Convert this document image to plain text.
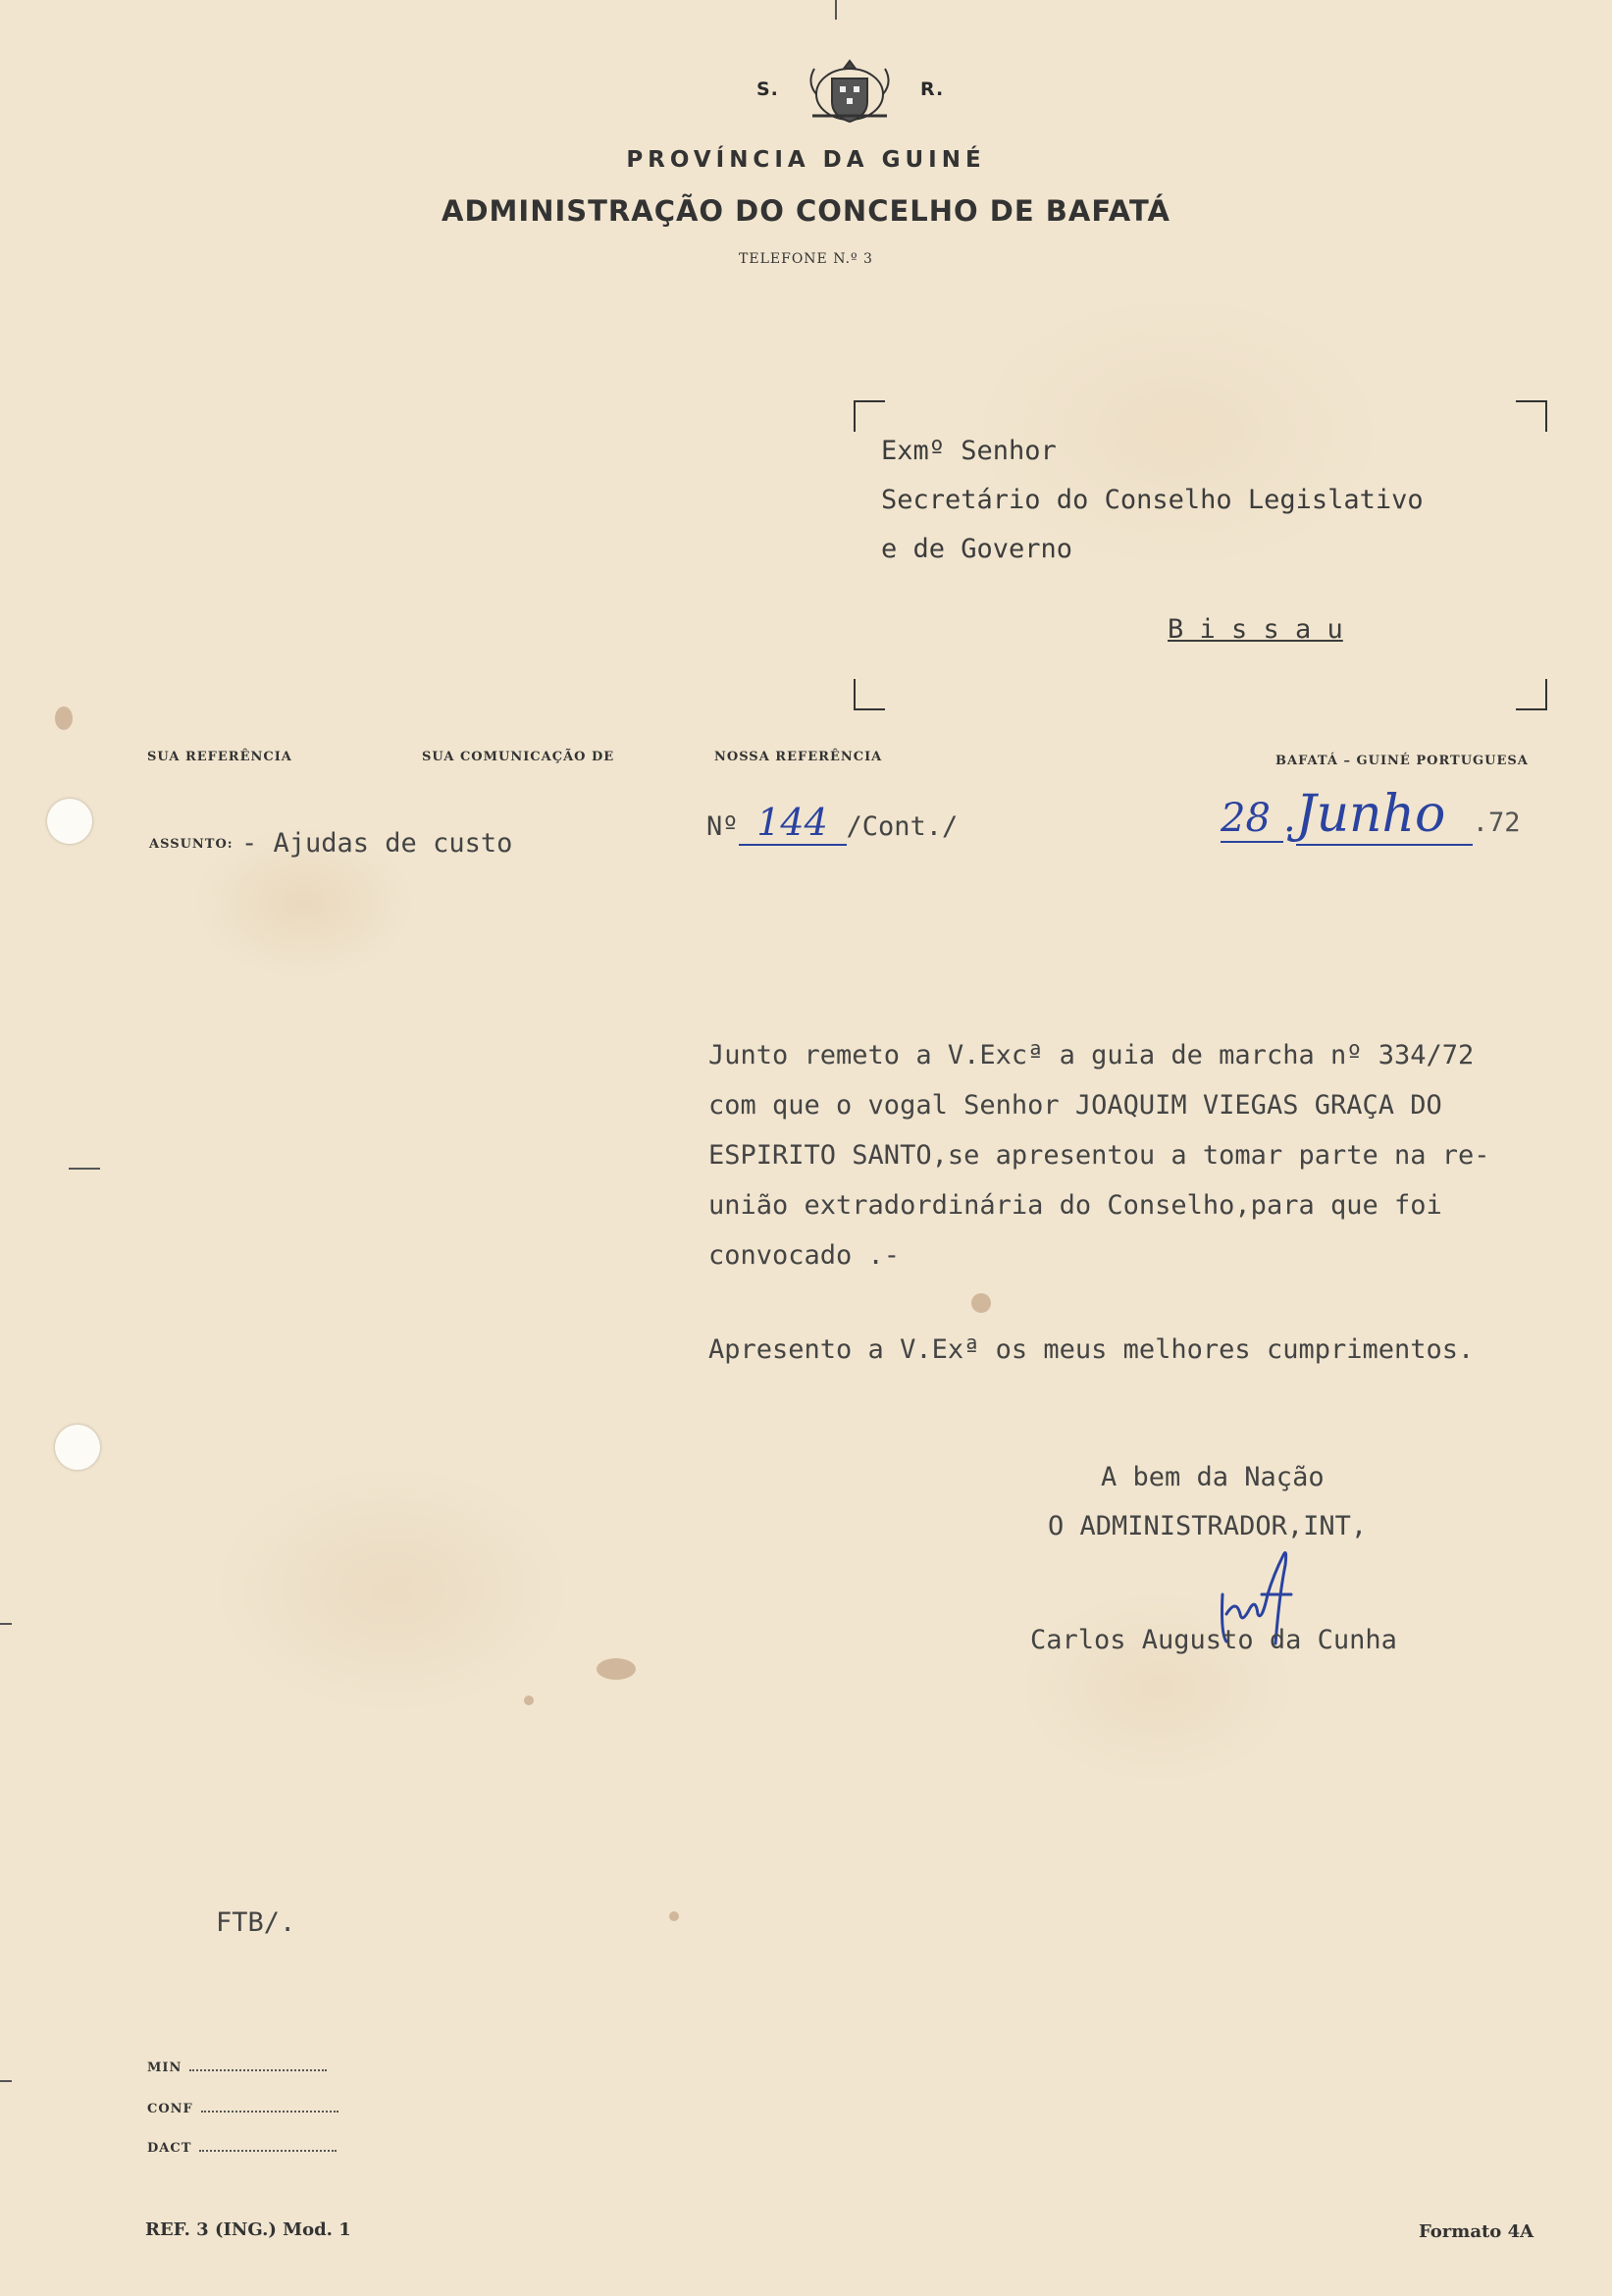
S.	R.
PROVÍNCIA DA GUINÉ
ADMINISTRAÇÃO DO CONCELHO DE BAFATÁ
TELEFONE N.º 3
Exmº Senhor
Secretário do Conselho Legislativo
e de Governo
B i s s a u
SUA REFERÊNCIA	SUA COMUNICAÇÃO DE	NOSSA REFERÊNCIA	BAFATÁ – GUINÉ PORTUGUESA
ASSUNTO: - Ajudas de custo
Nº 144 /Cont./	28 .Junho .72
Junto remeto a V.Excª a guia de marcha nº 334/72
com que o vogal Senhor JOAQUIM VIEGAS GRAÇA DO
ESPIRITO SANTO,se apresentou a tomar parte na re-
união extradordinária do Conselho,para que foi
convocado .-
Apresento a V.Exª os meus melhores cumprimentos.
A bem da Nação
O ADMINISTRADOR,INT,
Carlos Augusto da Cunha
FTB/.
MIN
CONF
DACT
REF. 3 (ING.) Mod. 1	Formato 4A
